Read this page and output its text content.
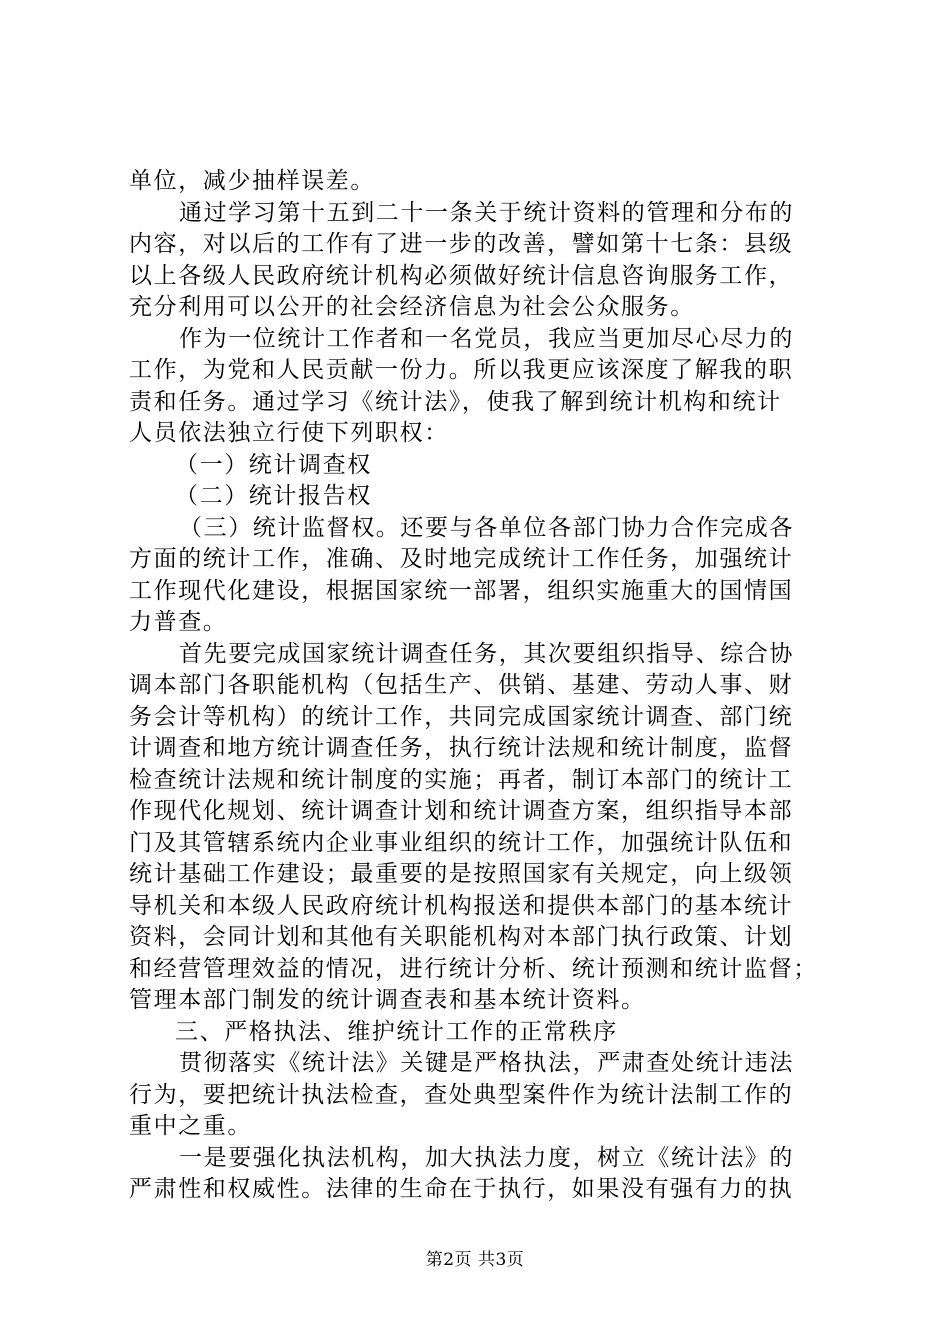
单位，减少抽样误差。
通过学习第十五到二十一条关于统计资料的管理和分布的
内容，对以后的工作有了进一步的改善，譬如第十七条：县级
以上各级人民政府统计机构必须做好统计信息咨询服务工作，
充分利用可以公开的社会经济信息为社会公众服务。
作为一位统计工作者和一名党员，我应当更加尽心尽力的
工作，为党和人民贡献一份力。所以我更应该深度了解我的职
责和任务。通过学习《统计法》，使我了解到统计机构和统计
人员依法独立行使下列职权：
（一）统计调查权
（二）统计报告权
（三）统计监督权。还要与各单位各部门协力合作完成各
方面的统计工作，准确、及时地完成统计工作任务，加强统计
工作现代化建设，根据国家统一部署，组织实施重大的国情国
力普查。
首先要完成国家统计调查任务，其次要组织指导、综合协
调本部门各职能机构（包括生产、供销、基建、劳动人事、财
务会计等机构）的统计工作，共同完成国家统计调查、部门统
计调查和地方统计调查任务，执行统计法规和统计制度，监督
检查统计法规和统计制度的实施；再者，制订本部门的统计工
作现代化规划、统计调查计划和统计调查方案，组织指导本部
门及其管辖系统内企业事业组织的统计工作，加强统计队伍和
统计基础工作建设；最重要的是按照国家有关规定，向上级领
导机关和本级人民政府统计机构报送和提供本部门的基本统计
资料，会同计划和其他有关职能机构对本部门执行政策、计划
和经营管理效益的情况，进行统计分析、统计预测和统计监督；
管理本部门制发的统计调查表和基本统计资料。
三、严格执法、维护统计工作的正常秩序
贯彻落实《统计法》关键是严格执法，严肃查处统计违法
行为，要把统计执法检查，查处典型案件作为统计法制工作的
重中之重。
一是要强化执法机构，加大执法力度，树立《统计法》的
严肃性和权威性。法律的生命在于执行，如果没有强有力的执
第2页 共3页
